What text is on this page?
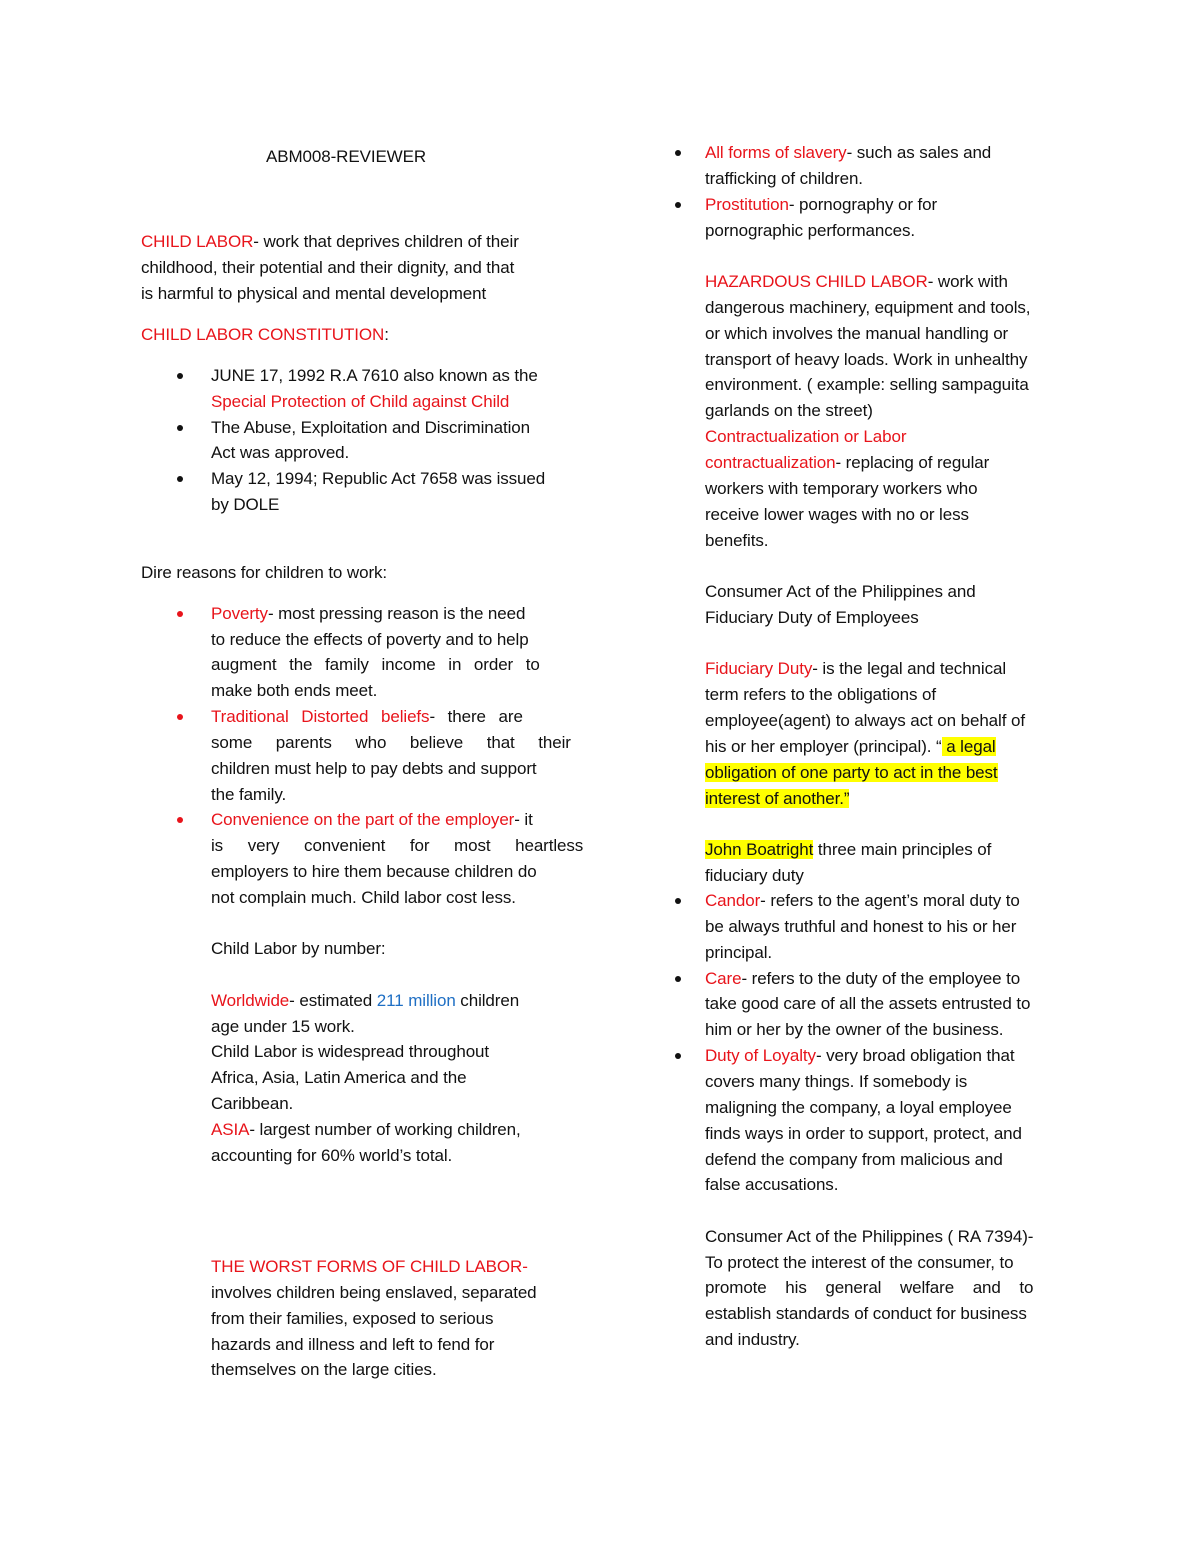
ABM008-REVIEWER
CHILD LABOR- work that deprives children of their
childhood, their potential and their dignity, and that
is harmful to physical and mental development
CHILD LABOR CONSTITUTION:
JUNE 17, 1992 R.A 7610 also known as the
Special Protection of Child against Child
The Abuse, Exploitation and Discrimination
Act was approved.
May 12, 1994; Republic Act 7658 was issued
by DOLE
Dire reasons for children to work:
Poverty- most pressing reason is the need
to reduce the effects of poverty and to help
augment the family income in order to
make both ends meet.
Traditional Distorted beliefs- there are
some parents who believe that their
children must help to pay debts and support
the family.
Convenience on the part of the employer- it
is very convenient for most heartless
employers to hire them because children do
not complain much. Child labor cost less.
Child Labor by number:
Worldwide- estimated 211 million children
age under 15 work.
Child Labor is widespread throughout
Africa, Asia, Latin America and the
Caribbean.
ASIA- largest number of working children,
accounting for 60% world’s total.
THE WORST FORMS OF CHILD LABOR-
involves children being enslaved, separated
from their families, exposed to serious
hazards and illness and left to fend for
themselves on the large cities.
All forms of slavery- such as sales and
trafficking of children.
Prostitution- pornography or for
pornographic performances.
HAZARDOUS CHILD LABOR- work with
dangerous machinery, equipment and tools,
or which involves the manual handling or
transport of heavy loads. Work in unhealthy
environment. ( example: selling sampaguita
garlands on the street)
Contractualization or Labor
contractualization- replacing of regular
workers with temporary workers who
receive lower wages with no or less
benefits.
Consumer Act of the Philippines and
Fiduciary Duty of Employees
Fiduciary Duty- is the legal and technical
term refers to the obligations of
employee(agent) to always act on behalf of
his or her employer (principal). “ a legal
obligation of one party to act in the best
interest of another.”
John Boatright three main principles of
fiduciary duty
Candor- refers to the agent’s moral duty to
be always truthful and honest to his or her
principal.
Care- refers to the duty of the employee to
take good care of all the assets entrusted to
him or her by the owner of the business.
Duty of Loyalty- very broad obligation that
covers many things. If somebody is
maligning the company, a loyal employee
finds ways in order to support, protect, and
defend the company from malicious and
false accusations.
Consumer Act of the Philippines ( RA 7394)-
To protect the interest of the consumer, to
promote his general welfare and to
establish standards of conduct for business
and industry.
